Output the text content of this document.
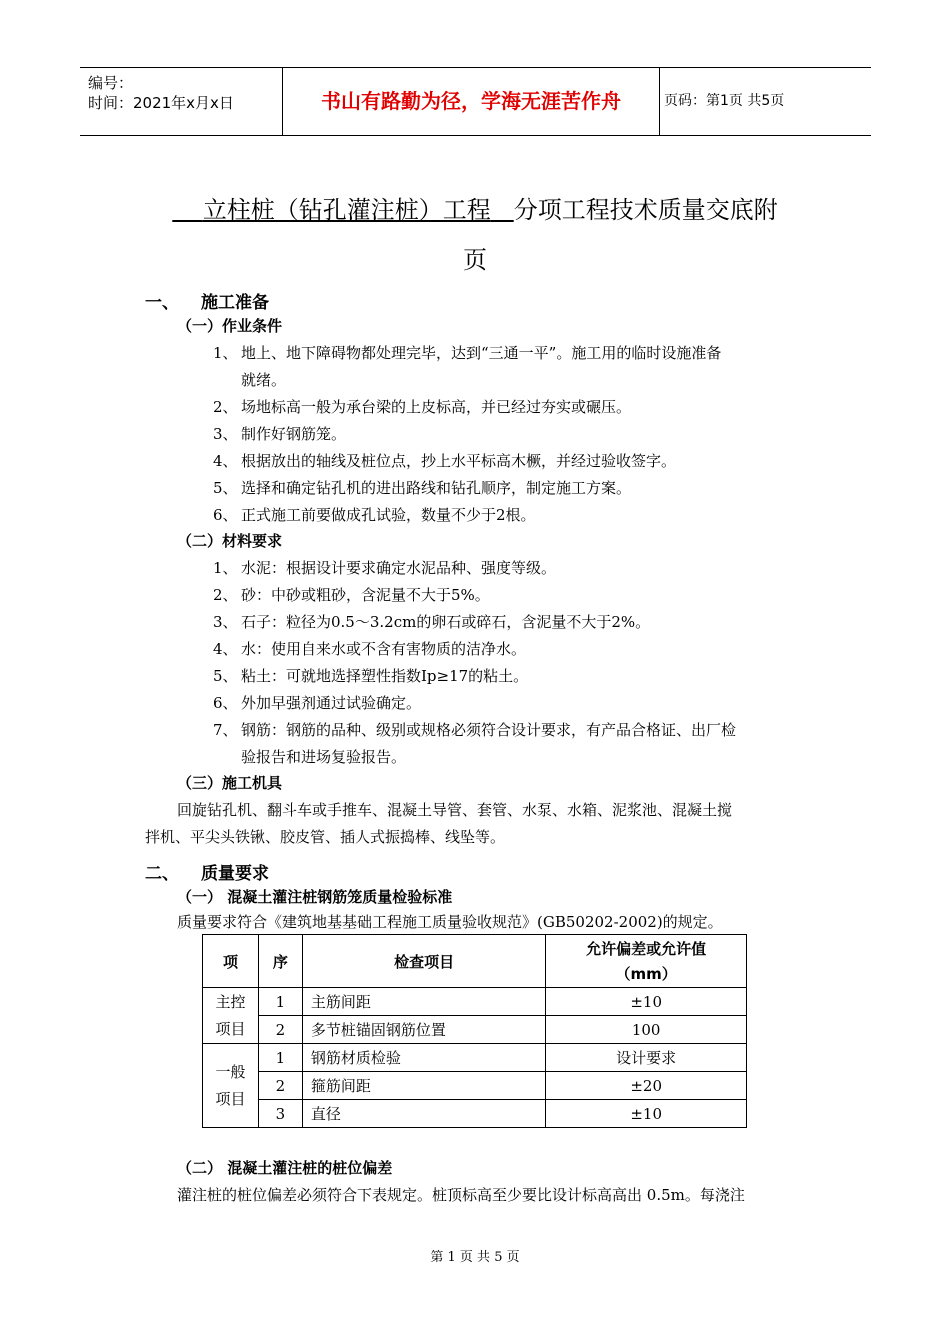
编号：
时间：2021年x月x日	书山有路勤为径，学海无涯苦作舟	页码：第1页 共5页
立柱桩（钻孔灌注桩）工程 分项工程技术质量交底附
页
一、 施工准备
（一）作业条件
1、 地上、地下障碍物都处理完毕，达到“三通一平”。施工用的临时设施准备
就绪。
2、 场地标高一般为承台梁的上皮标高，并已经过夯实或碾压。
3、 制作好钢筋笼。
4、 根据放出的轴线及桩位点，抄上水平标高木橛，并经过验收签字。
5、 选择和确定钻孔机的进出路线和钻孔顺序，制定施工方案。
6、 正式施工前要做成孔试验，数量不少于2根。
（二）材料要求
1、 水泥：根据设计要求确定水泥品种、强度等级。
2、 砂：中砂或粗砂，含泥量不大于5%。
3、 石子：粒径为0.5～3.2cm的卵石或碎石，含泥量不大于2%。
4、 水：使用自来水或不含有害物质的洁净水。
5、 粘土：可就地选择塑性指数Ip≥17的粘土。
6、 外加早强剂通过试验确定。
7、 钢筋：钢筋的品种、级别或规格必须符合设计要求，有产品合格证、出厂检
验报告和进场复验报告。
（三）施工机具
回旋钻孔机、翻斗车或手推车、混凝土导管、套管、水泵、水箱、泥浆池、混凝土搅
拌机、平尖头铁锹、胶皮管、插人式振捣棒、线坠等。
二、 质量要求
（一） 混凝土灌注桩钢筋笼质量检验标准
质量要求符合《建筑地基基础工程施工质量验收规范》(GB50202-2002)的规定。
项	序	检查项目	允许偏差或允许值
（mm）

主控项目	1	主筋间距	±10
	2	多节桩锚固钢筋位置	100
一般项目	1	钢筋材质检验	设计要求
	2	箍筋间距	±20
	3	直径	±10
（二） 混凝土灌注桩的桩位偏差
灌注桩的桩位偏差必须符合下表规定。桩顶标高至少要比设计标高高出 0.5m。每浇注
第 1 页 共 5 页
